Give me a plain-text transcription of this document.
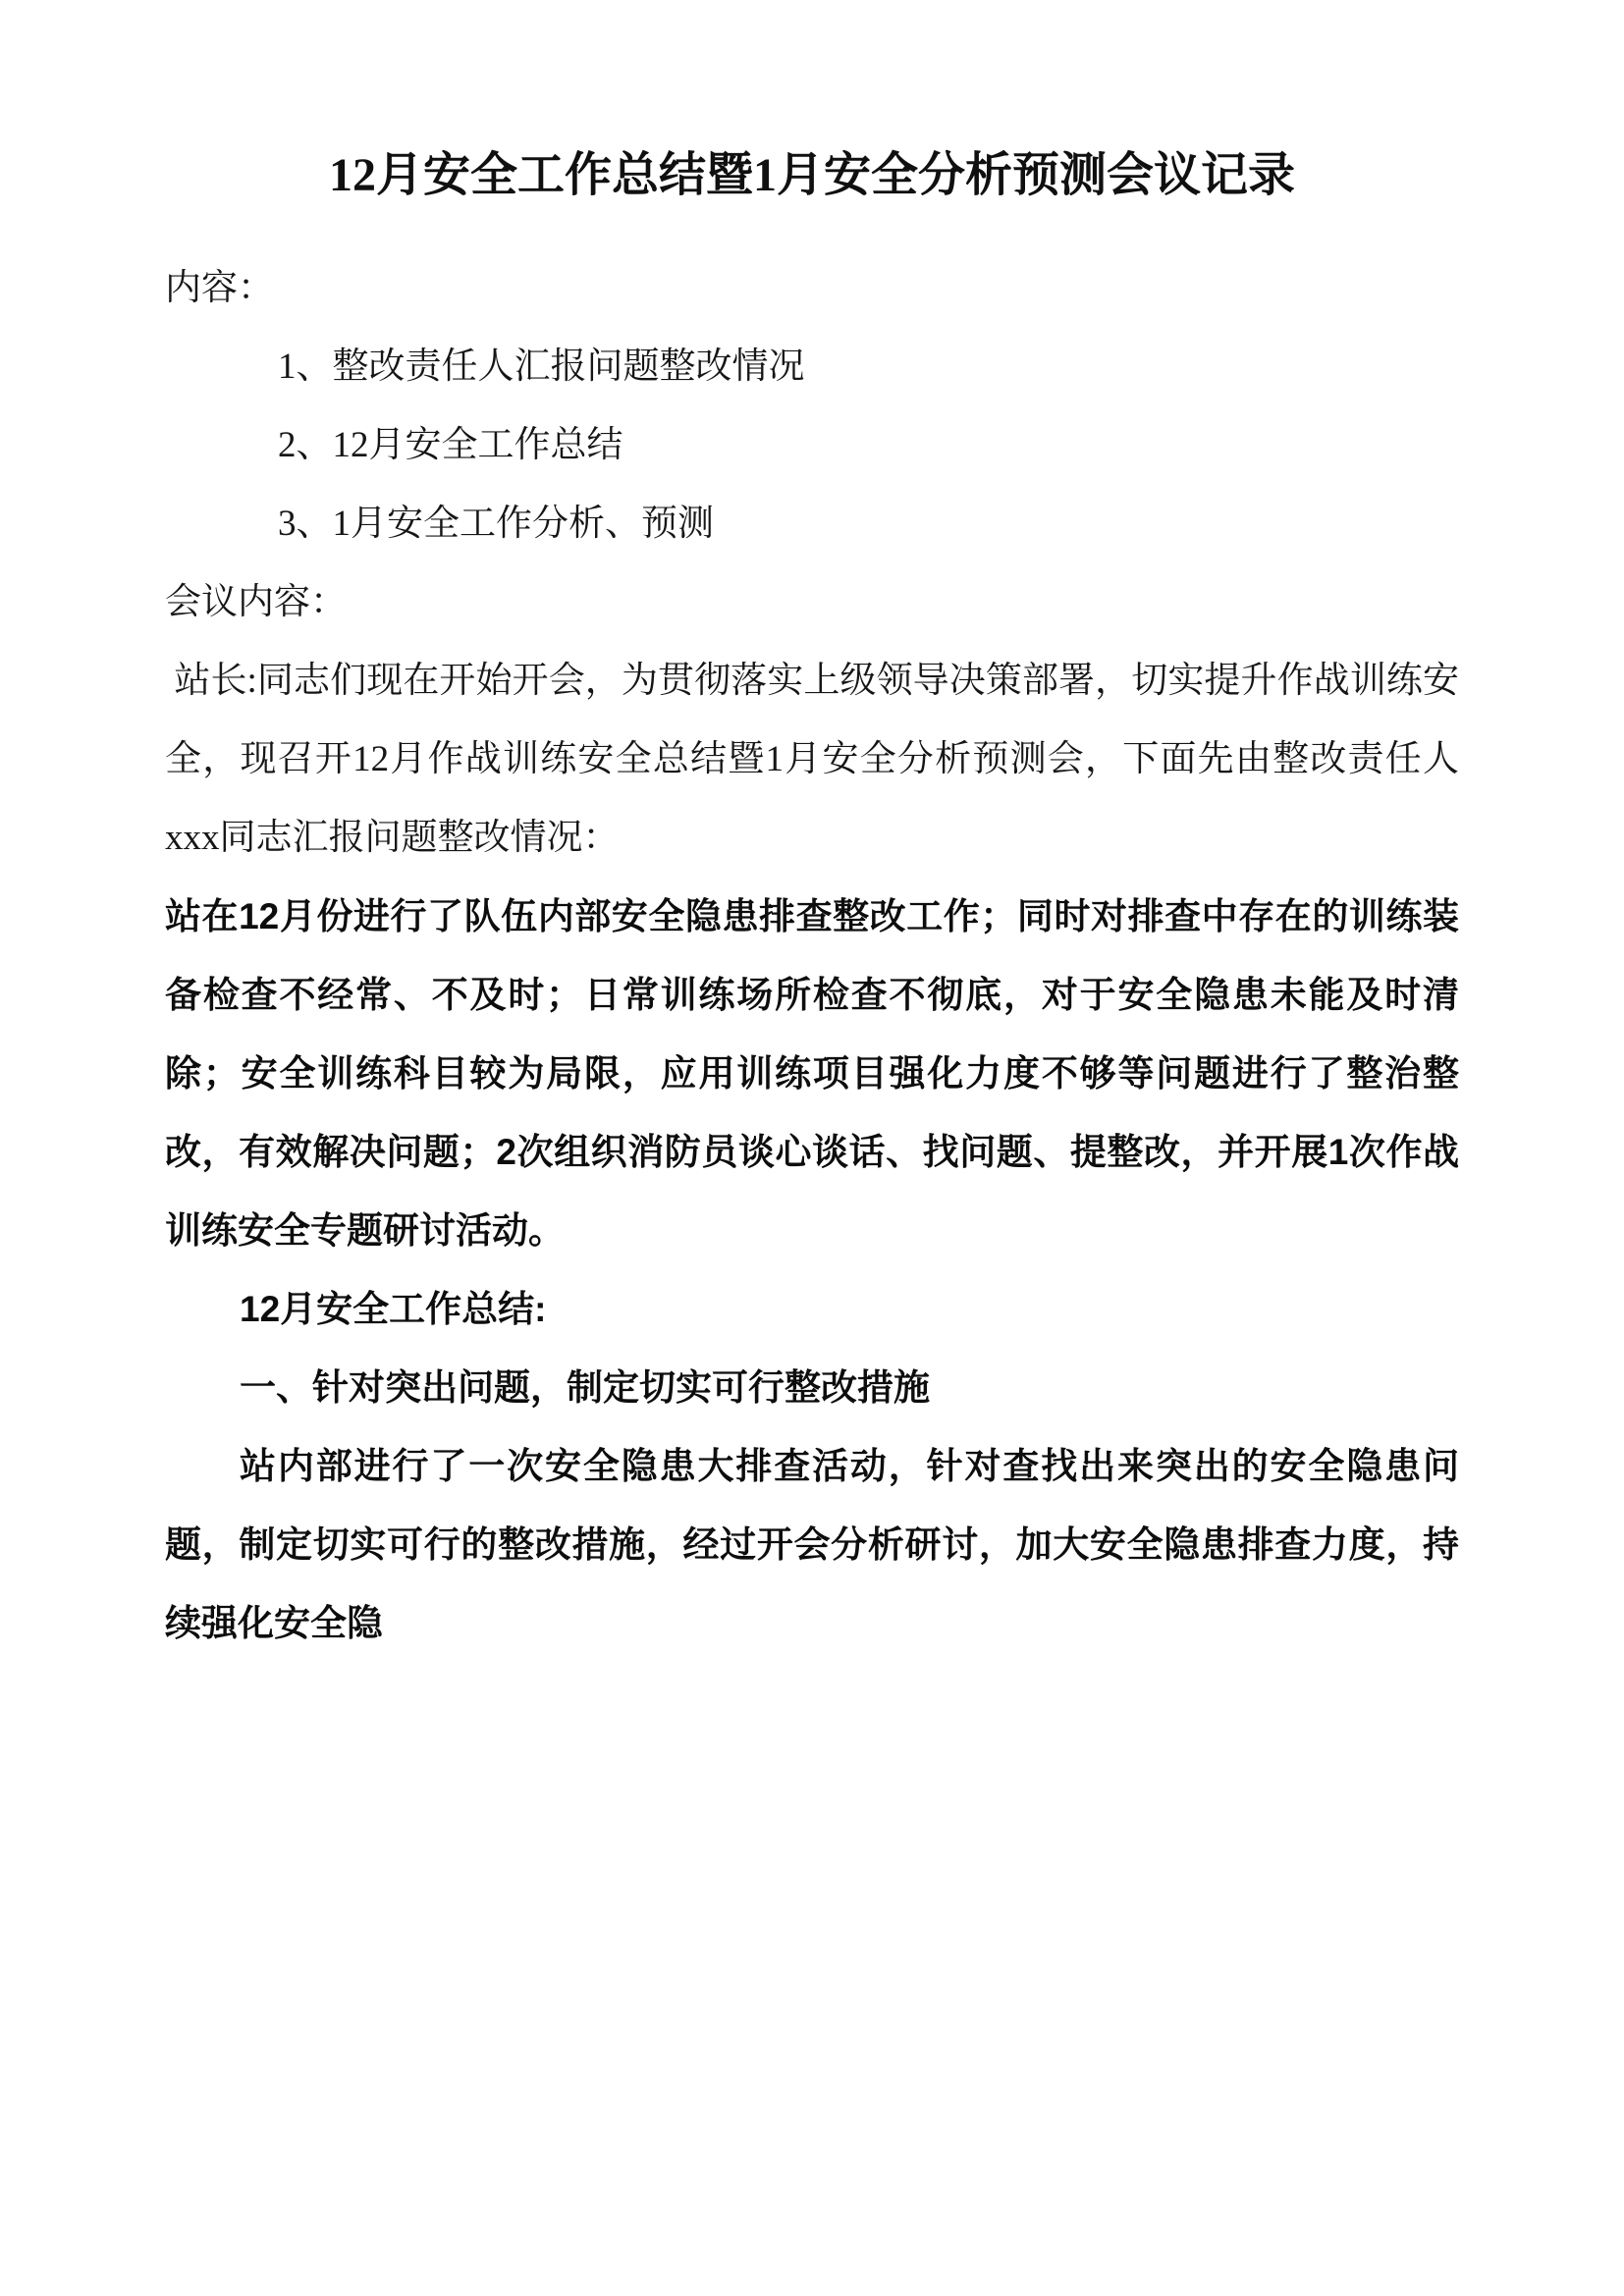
12月安全工作总结暨1月安全分析预测会议记录

内容：

1、整改责任人汇报问题整改情况

2、12月安全工作总结

3、1月安全工作分析、预测

会议内容：

站长:同志们现在开始开会，为贯彻落实上级领导决策部署，切实提升作战训练安全，现召开12月作战训练安全总结暨1月安全分析预测会，下面先由整改责任人xxx同志汇报问题整改情况：

站在12月份进行了队伍内部安全隐患排查整改工作；同时对排查中存在的训练装备检查不经常、不及时；日常训练场所检查不彻底，对于安全隐患未能及时清除；安全训练科目较为局限，应用训练项目强化力度不够等问题进行了整治整改，有效解决问题；2次组织消防员谈心谈话、找问题、提整改，并开展1次作战训练安全专题研讨活动。

12月安全工作总结:

一、针对突出问题，制定切实可行整改措施

站内部进行了一次安全隐患大排查活动，针对查找出来突出的安全隐患问题，制定切实可行的整改措施，经过开会分析研讨，加大安全隐患排查力度，持续强化安全隐
